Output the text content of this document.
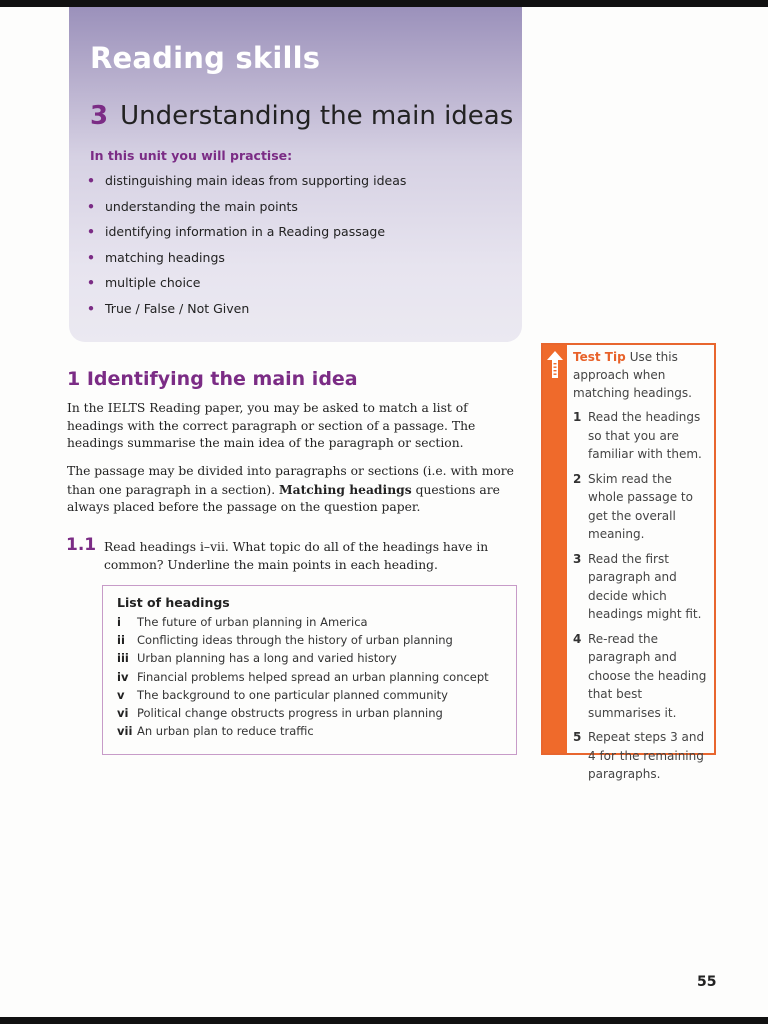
Reading skills
3 Understanding the main ideas

In this unit you will practise:

• distinguishing main ideas from supporting ideas
• understanding the main points
• identifying information in a Reading passage
• matching headings
• multiple choice
• True / False / Not Given
1 Identifying the main idea

In the IELTS Reading paper, you may be asked to match a list of headings with the correct paragraph or section of a passage. The headings summarise the main idea of the paragraph or section.

The passage may be divided into paragraphs or sections (i.e. with more than one paragraph in a section). Matching headings questions are always placed before the passage on the question paper.

1.1 Read headings i–vii. What topic do all of the headings have in common? Underline the main points in each heading.

List of headings

i The future of urban planning in America
ii Conflicting ideas through the history of urban planning
iii Urban planning has a long and varied history
iv Financial problems helped spread an urban planning concept
v The background to one particular planned community
vi Political change obstructs progress in urban planning
vii An urban plan to reduce traffic

Test Tip Use this approach when matching headings.

1 Read the headings so that you are familiar with them.
2 Skim read the whole passage to get the overall meaning.
3 Read the first paragraph and decide which headings might fit.
4 Re-read the paragraph and choose the heading that best summarises it.
5 Repeat steps 3 and 4 for the remaining paragraphs.
55
